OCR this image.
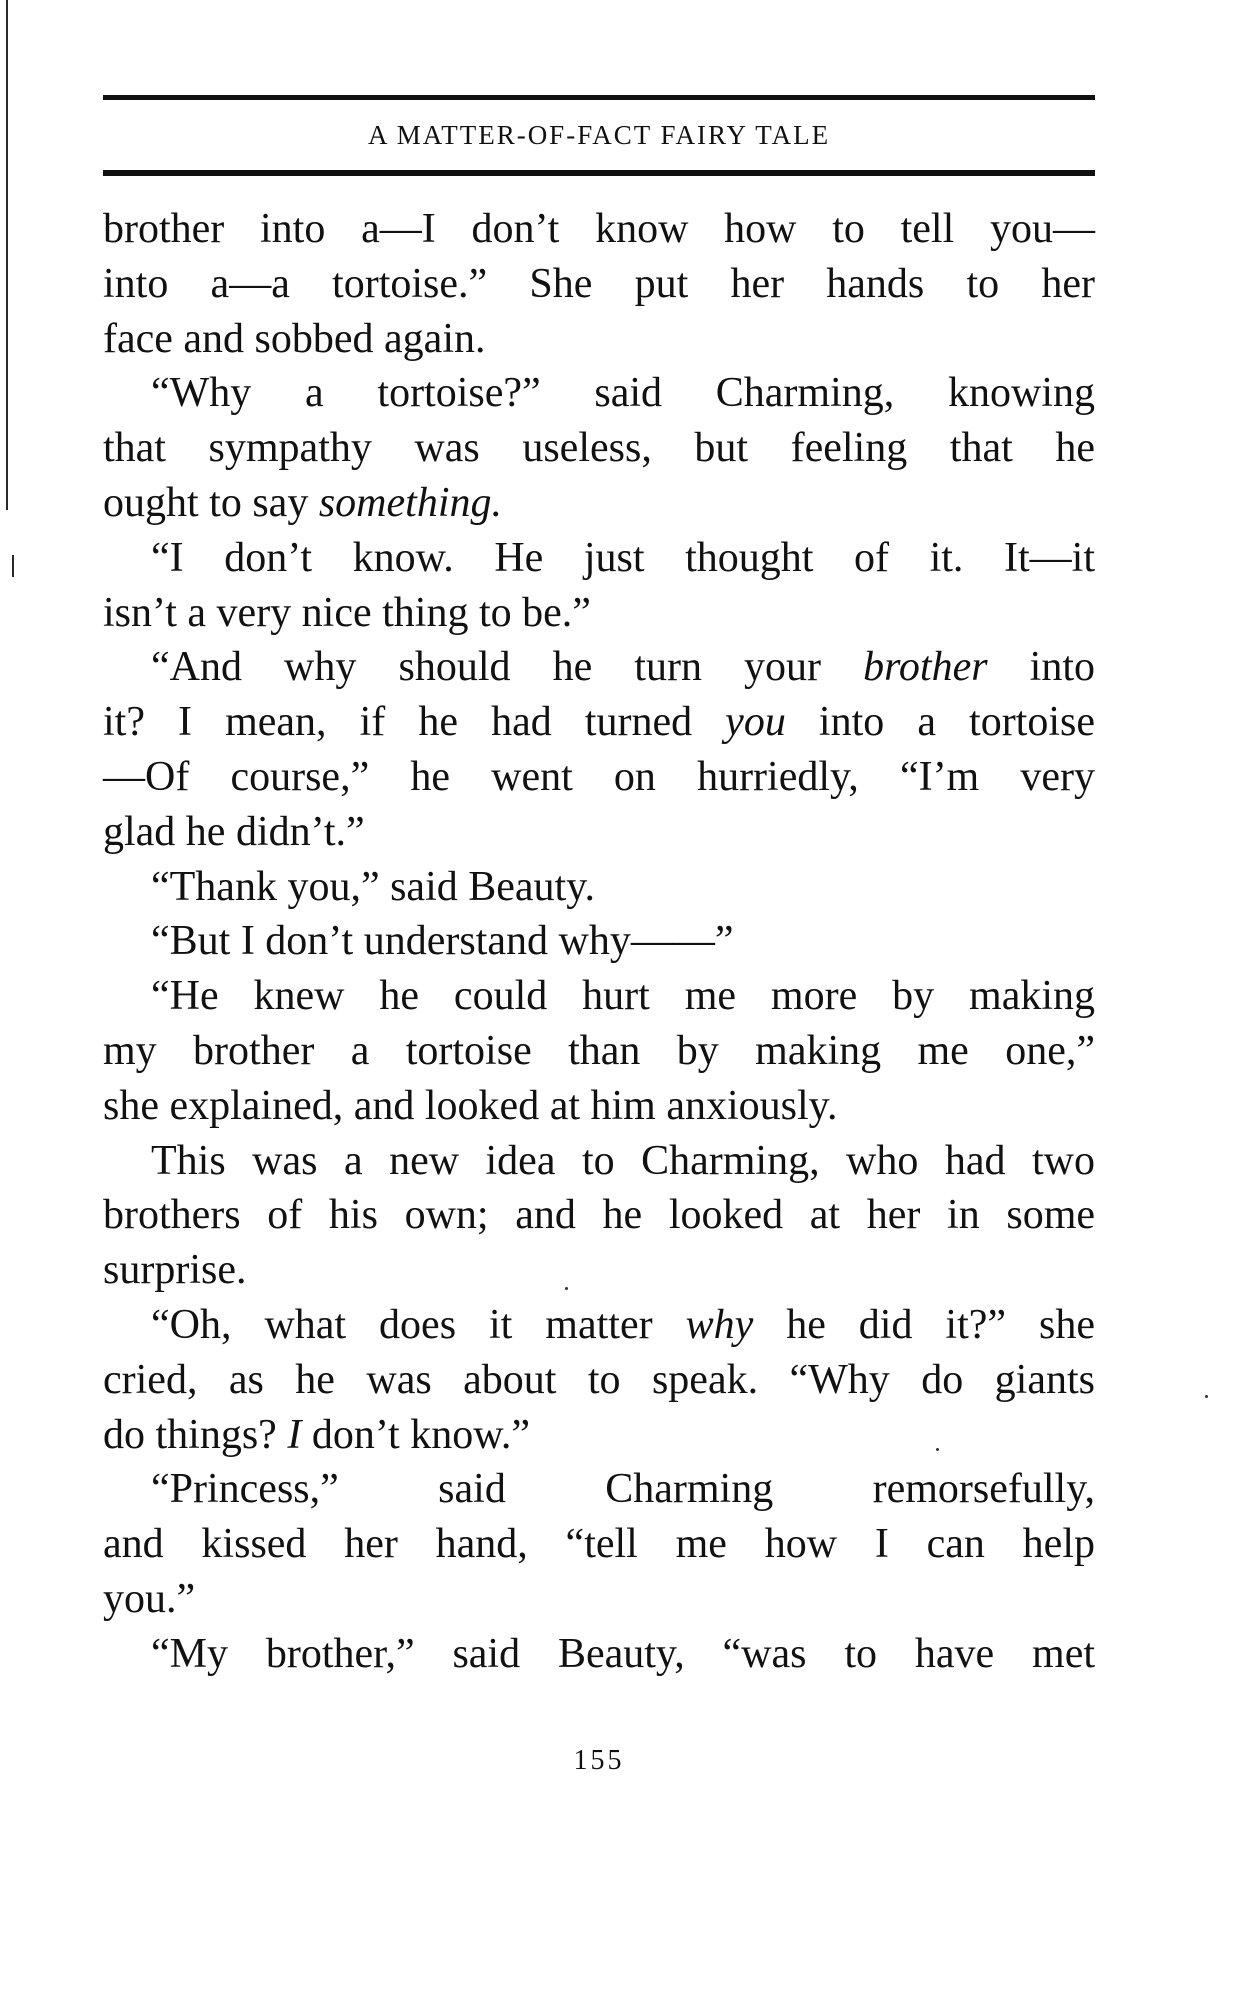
A MATTER-OF-FACT FAIRY TALE
brother into a—I don’t know how to tell you—
into a—a tortoise.” She put her hands to her
face and sobbed again.
“Why a tortoise?” said Charming, knowing
that sympathy was useless, but feeling that he
ought to say something.
“I don’t know. He just thought of it. It—it
isn’t a very nice thing to be.”
“And why should he turn your brother into
it? I mean, if he had turned you into a tortoise
—Of course,” he went on hurriedly, “I’m very
glad he didn’t.”
“Thank you,” said Beauty.
“But I don’t understand why——”
“He knew he could hurt me more by making
my brother a tortoise than by making me one,”
she explained, and looked at him anxiously.
This was a new idea to Charming, who had two
brothers of his own; and he looked at her in some
surprise.
“Oh, what does it matter why he did it?” she
cried, as he was about to speak. “Why do giants
do things? I don’t know.”
“Princess,” said Charming remorsefully,
and kissed her hand, “tell me how I can help
you.”
“My brother,” said Beauty, “was to have met
155
